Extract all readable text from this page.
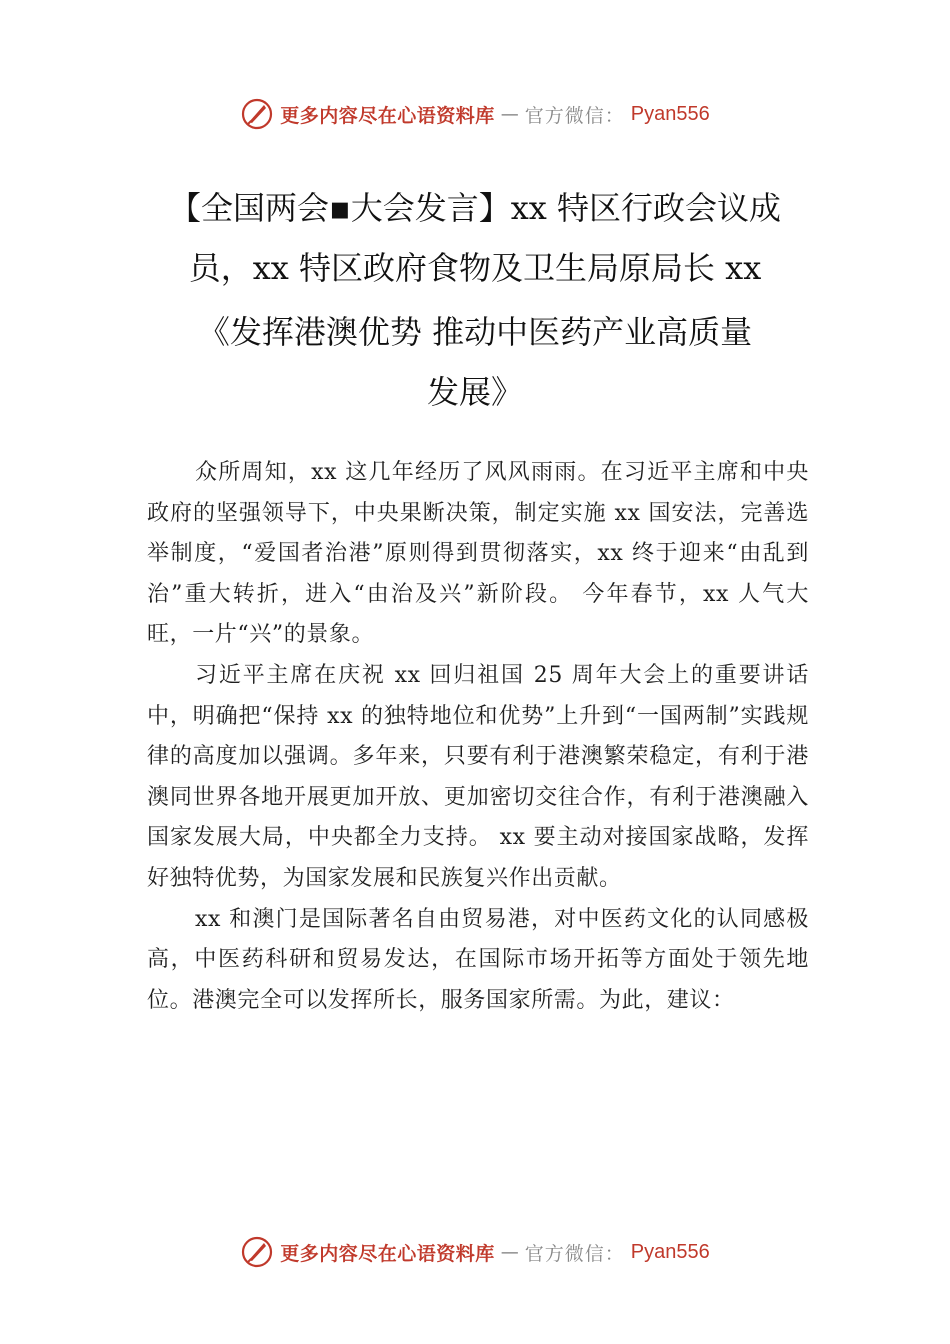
更多内容尽在心语资料库 — 官方微信： Pyan556
【全国两会▪大会发言】xx 特区行政会议成
员，xx 特区政府食物及卫生局原局长 xx
《发挥港澳优势 推动中医药产业高质量
发展》

众所周知，xx 这几年经历了风风雨雨。在习近平主席和中央政府的坚强领导下，中央果断决策，制定实施 xx 国安法，完善选举制度，“爱国者治港”原则得到贯彻落实，xx 终于迎来“由乱到治”重大转折，进入“由治及兴”新阶段。 今年春节，xx 人气大旺，一片“兴”的景象。

习近平主席在庆祝 xx 回归祖国 25 周年大会上的重要讲话中，明确把“保持 xx 的独特地位和优势”上升到“一国两制”实践规律的高度加以强调。多年来，只要有利于港澳繁荣稳定，有利于港澳同世界各地开展更加开放、更加密切交往合作，有利于港澳融入国家发展大局，中央都全力支持。 xx 要主动对接国家战略，发挥好独特优势，为国家发展和民族复兴作出贡献。

xx 和澳门是国际著名自由贸易港，对中医药文化的认同感极高，中医药科研和贸易发达，在国际市场开拓等方面处于领先地位。港澳完全可以发挥所长，服务国家所需。为此，建议：

更多内容尽在心语资料库 — 官方微信： Pyan556
